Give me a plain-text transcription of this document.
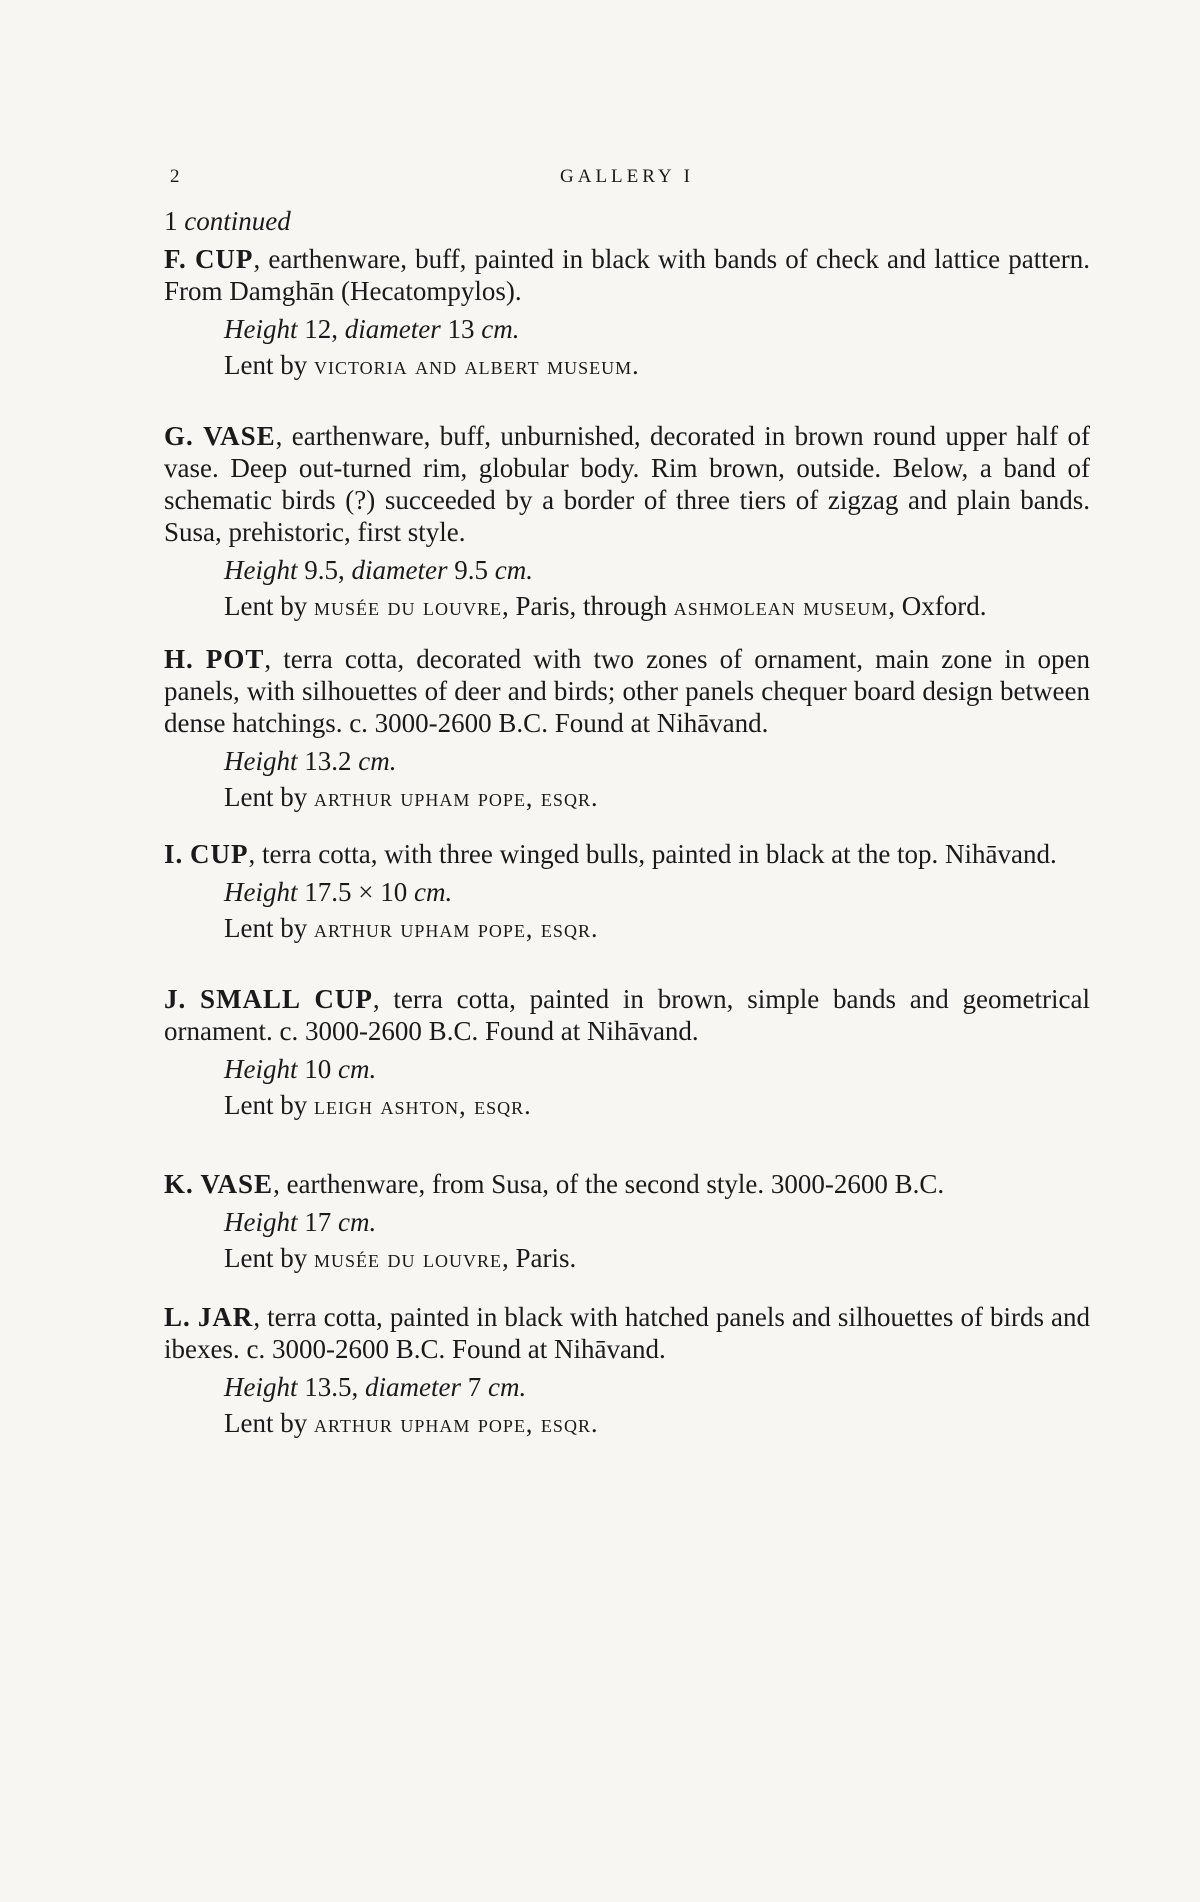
2	GALLERY I
1 continued

F. CUP, earthenware, buff, painted in black with bands of check and lattice pattern. From Damghān (Hecatompylos).

Height 12, diameter 13 cm.

Lent by victoria and albert museum.

G. VASE, earthenware, buff, unburnished, decorated in brown round upper half of vase. Deep out-turned rim, globular body. Rim brown, outside. Below, a band of schematic birds (?) succeeded by a border of three tiers of zigzag and plain bands. Susa, prehistoric, first style.

Height 9.5, diameter 9.5 cm.

Lent by musée du louvre, Paris, through ashmolean museum, Oxford.

H. POT, terra cotta, decorated with two zones of ornament, main zone in open panels, with silhouettes of deer and birds; other panels chequer board design between dense hatchings. c. 3000-2600 B.C. Found at Nihāvand.

Height 13.2 cm.

Lent by arthur upham pope, esqr.

I. CUP, terra cotta, with three winged bulls, painted in black at the top. Nihāvand.

Height 17.5 × 10 cm.

Lent by arthur upham pope, esqr.

J. SMALL CUP, terra cotta, painted in brown, simple bands and geometrical ornament. c. 3000-2600 B.C. Found at Nihāvand.

Height 10 cm.

Lent by leigh ashton, esqr.

K. VASE, earthenware, from Susa, of the second style. 3000-2600 B.C.

Height 17 cm.

Lent by musée du louvre, Paris.

L. JAR, terra cotta, painted in black with hatched panels and silhouettes of birds and ibexes. c. 3000-2600 B.C. Found at Nihāvand.

Height 13.5, diameter 7 cm.

Lent by arthur upham pope, esqr.
